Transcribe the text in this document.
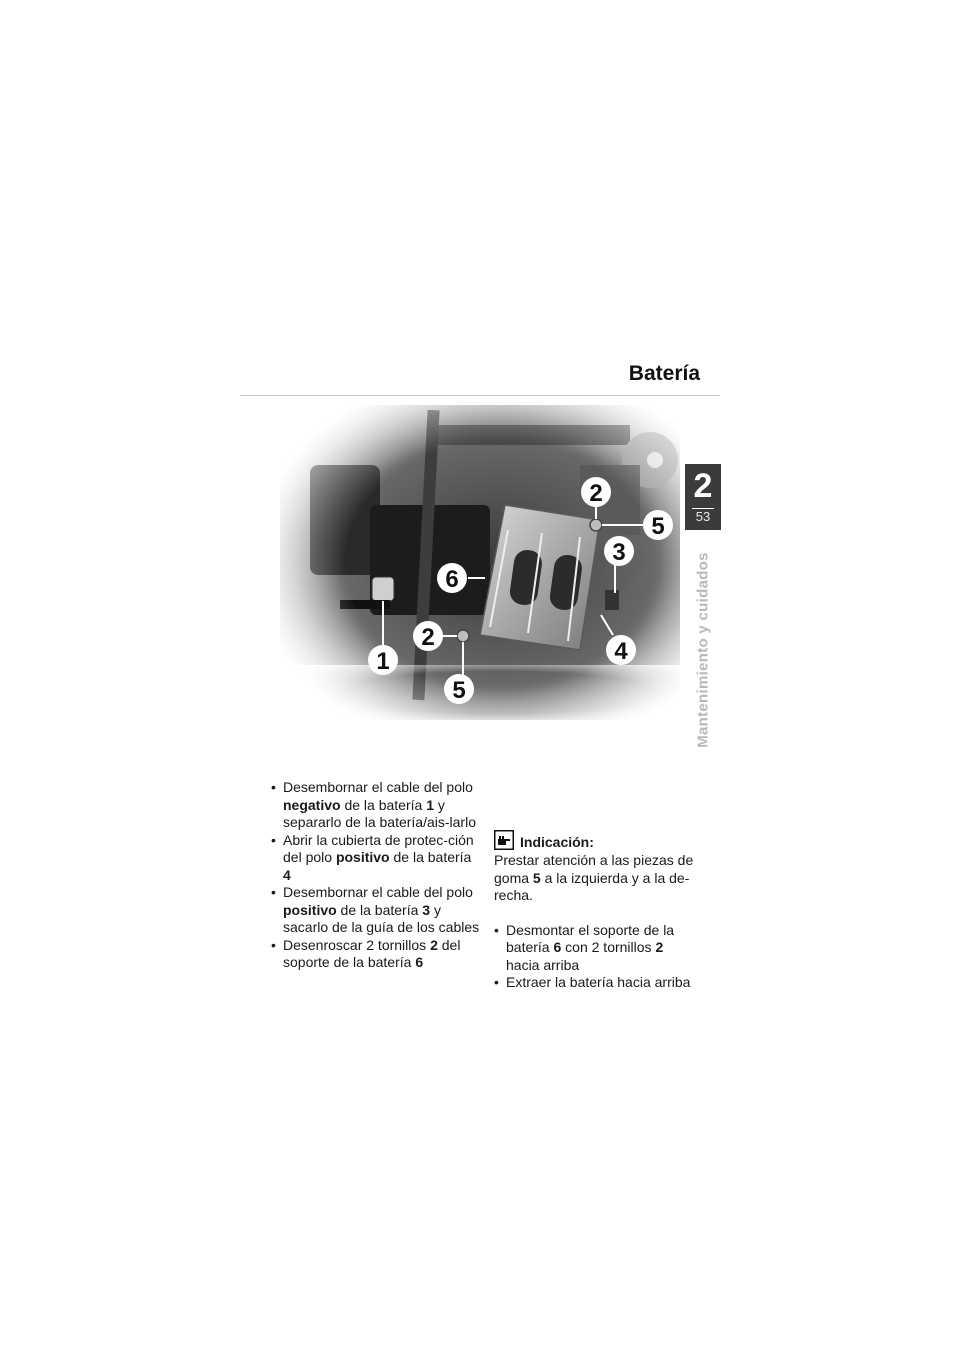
Batería
2
53
Mantenimiento y cuidados
2
5
3
6
2
4
1
5
• Desembornar el cable del polo negativo de la batería 1 y separarlo de la batería/ais-larlo
• Abrir la cubierta de protec-ción del polo positivo de la batería 4
• Desembornar el cable del polo positivo de la batería 3 y sacarlo de la guía de los cables
• Desenroscar 2 tornillos 2 del soporte de la batería 6
Indicación:

Prestar atención a las piezas de goma 5 a la izquierda y a la de-recha.

• Desmontar el soporte de la batería 6 con 2 tornillos 2 hacia arriba
• Extraer la batería hacia arriba
